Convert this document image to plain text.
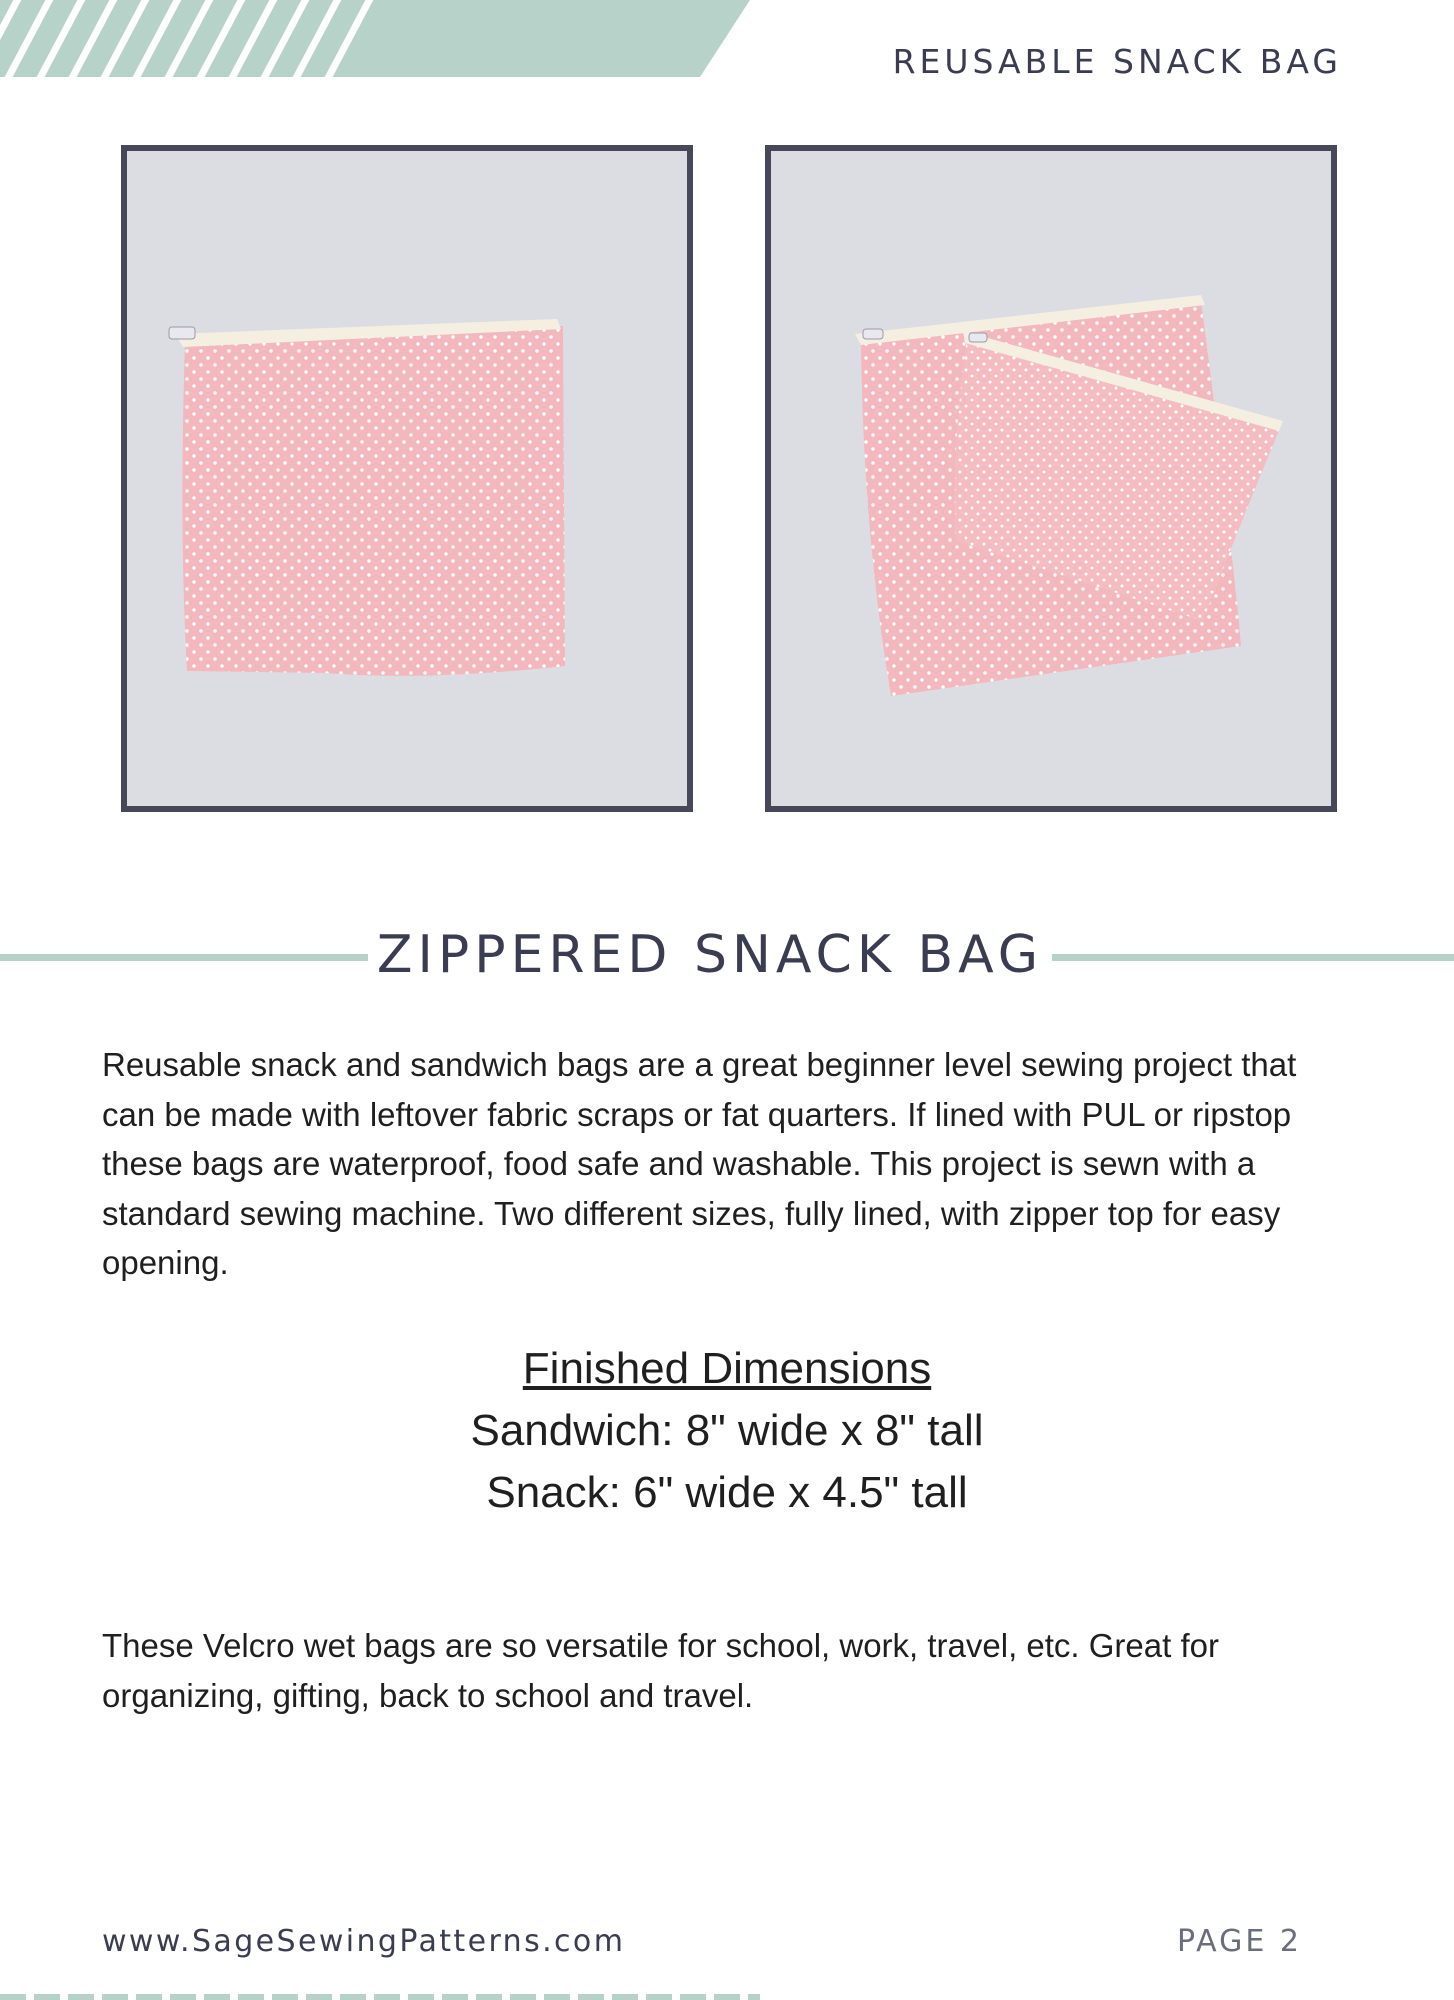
REUSABLE SNACK BAG
ZIPPERED SNACK BAG

Reusable snack and sandwich bags are a great beginner level sewing project that can be made with leftover fabric scraps or fat quarters. If lined with PUL or ripstop these bags are waterproof, food safe and washable. This project is sewn with a standard sewing machine. Two different sizes, fully lined, with zipper top for easy opening.

Finished Dimensions
Sandwich: 8" wide x 8" tall
Snack: 6" wide x 4.5" tall

These Velcro wet bags are so versatile for school, work, travel, etc. Great for organizing, gifting, back to school and travel.

www.SageSewingPatterns.com	PAGE 2
